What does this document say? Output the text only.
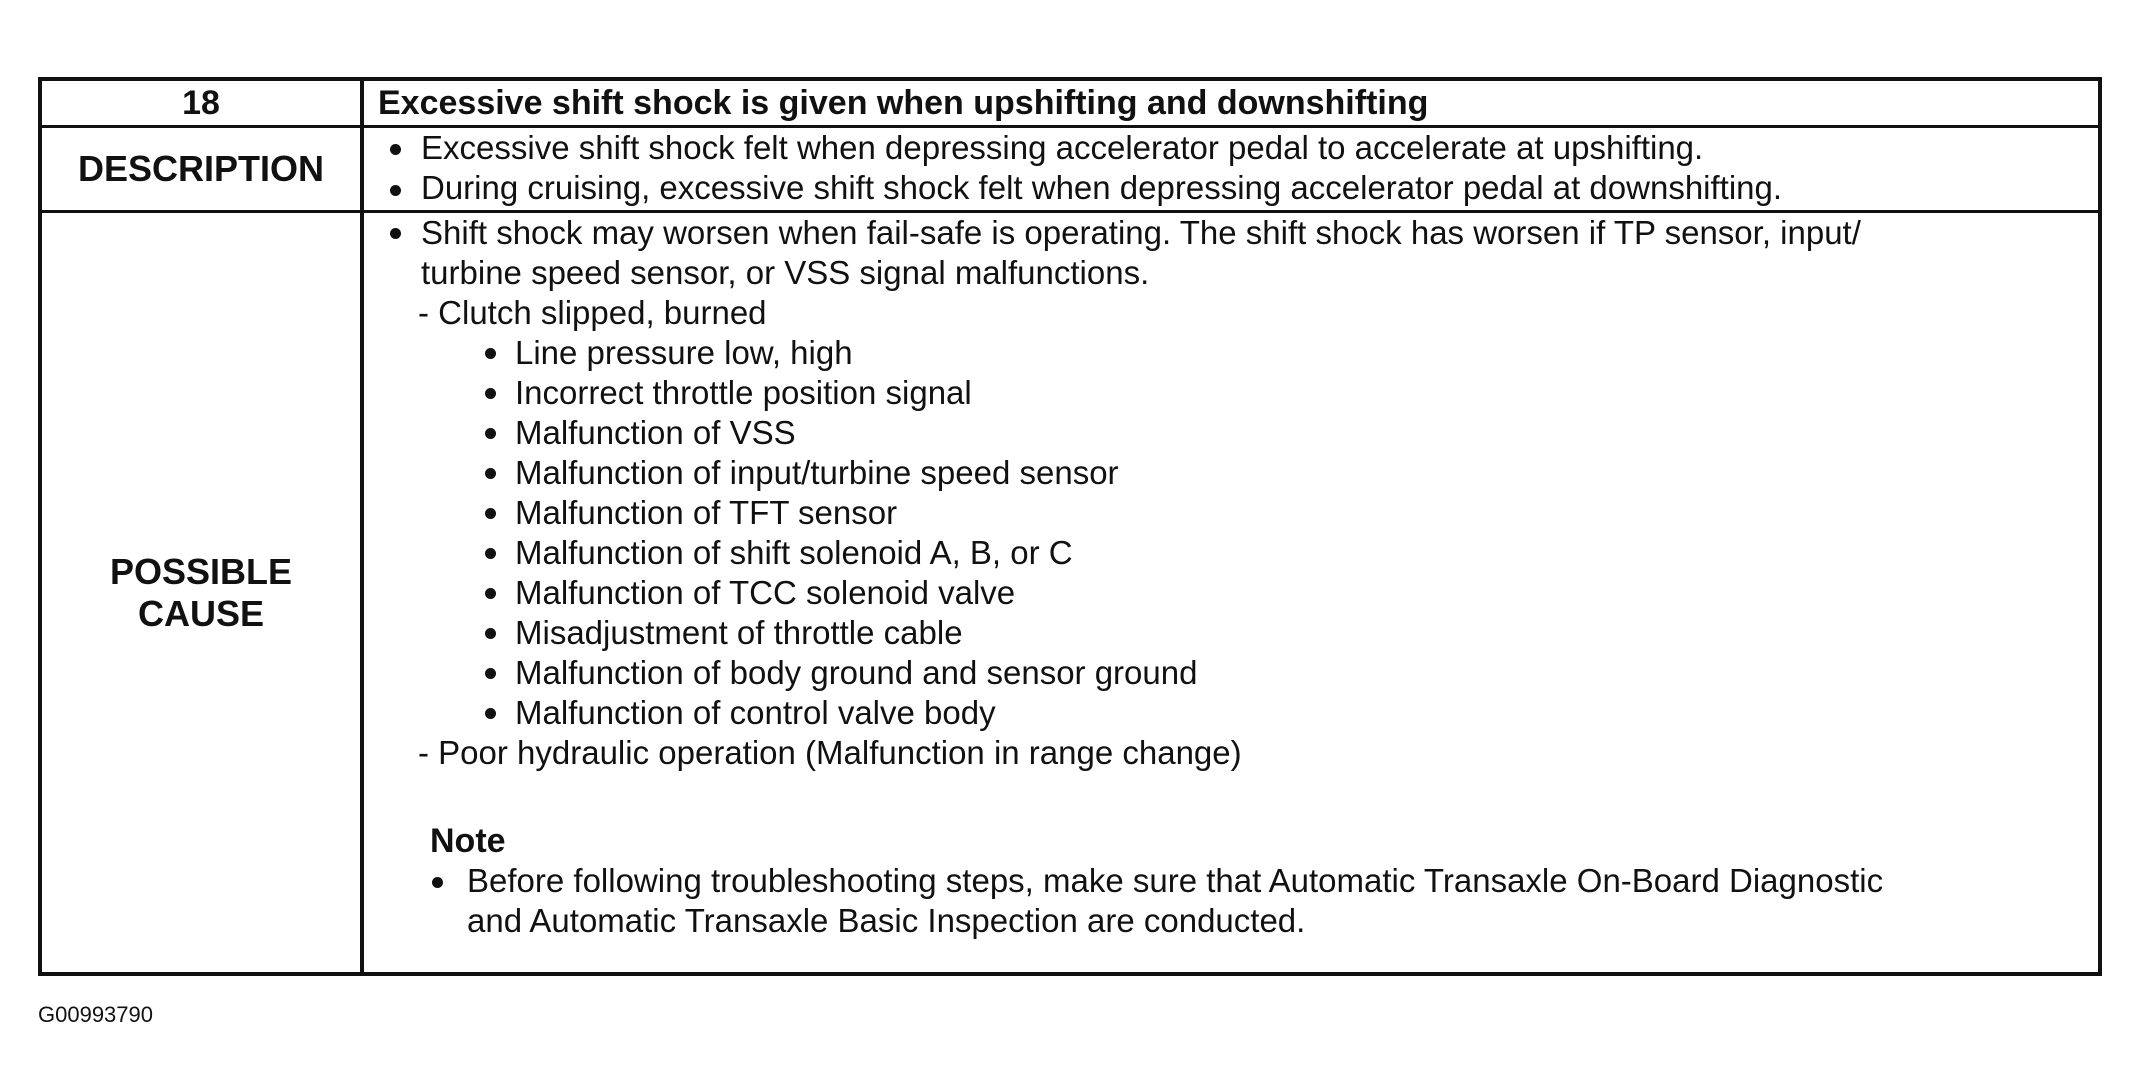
18	Excessive shift shock is given when upshifting and downshifting
DESCRIPTION
Excessive shift shock felt when depressing accelerator pedal to accelerate at upshifting.
During cruising, excessive shift shock felt when depressing accelerator pedal at downshifting.
POSSIBLE
CAUSE
Shift shock may worsen when fail-safe is operating. The shift shock has worsen if TP sensor, input/
turbine speed sensor, or VSS signal malfunctions.
- Clutch slipped, burned
Line pressure low, high
Incorrect throttle position signal
Malfunction of VSS
Malfunction of input/turbine speed sensor
Malfunction of TFT sensor
Malfunction of shift solenoid A, B, or C
Malfunction of TCC solenoid valve
Misadjustment of throttle cable
Malfunction of body ground and sensor ground
Malfunction of control valve body
- Poor hydraulic operation (Malfunction in range change)
Note
Before following troubleshooting steps, make sure that Automatic Transaxle On-Board Diagnostic
and Automatic Transaxle Basic Inspection are conducted.
G00993790
